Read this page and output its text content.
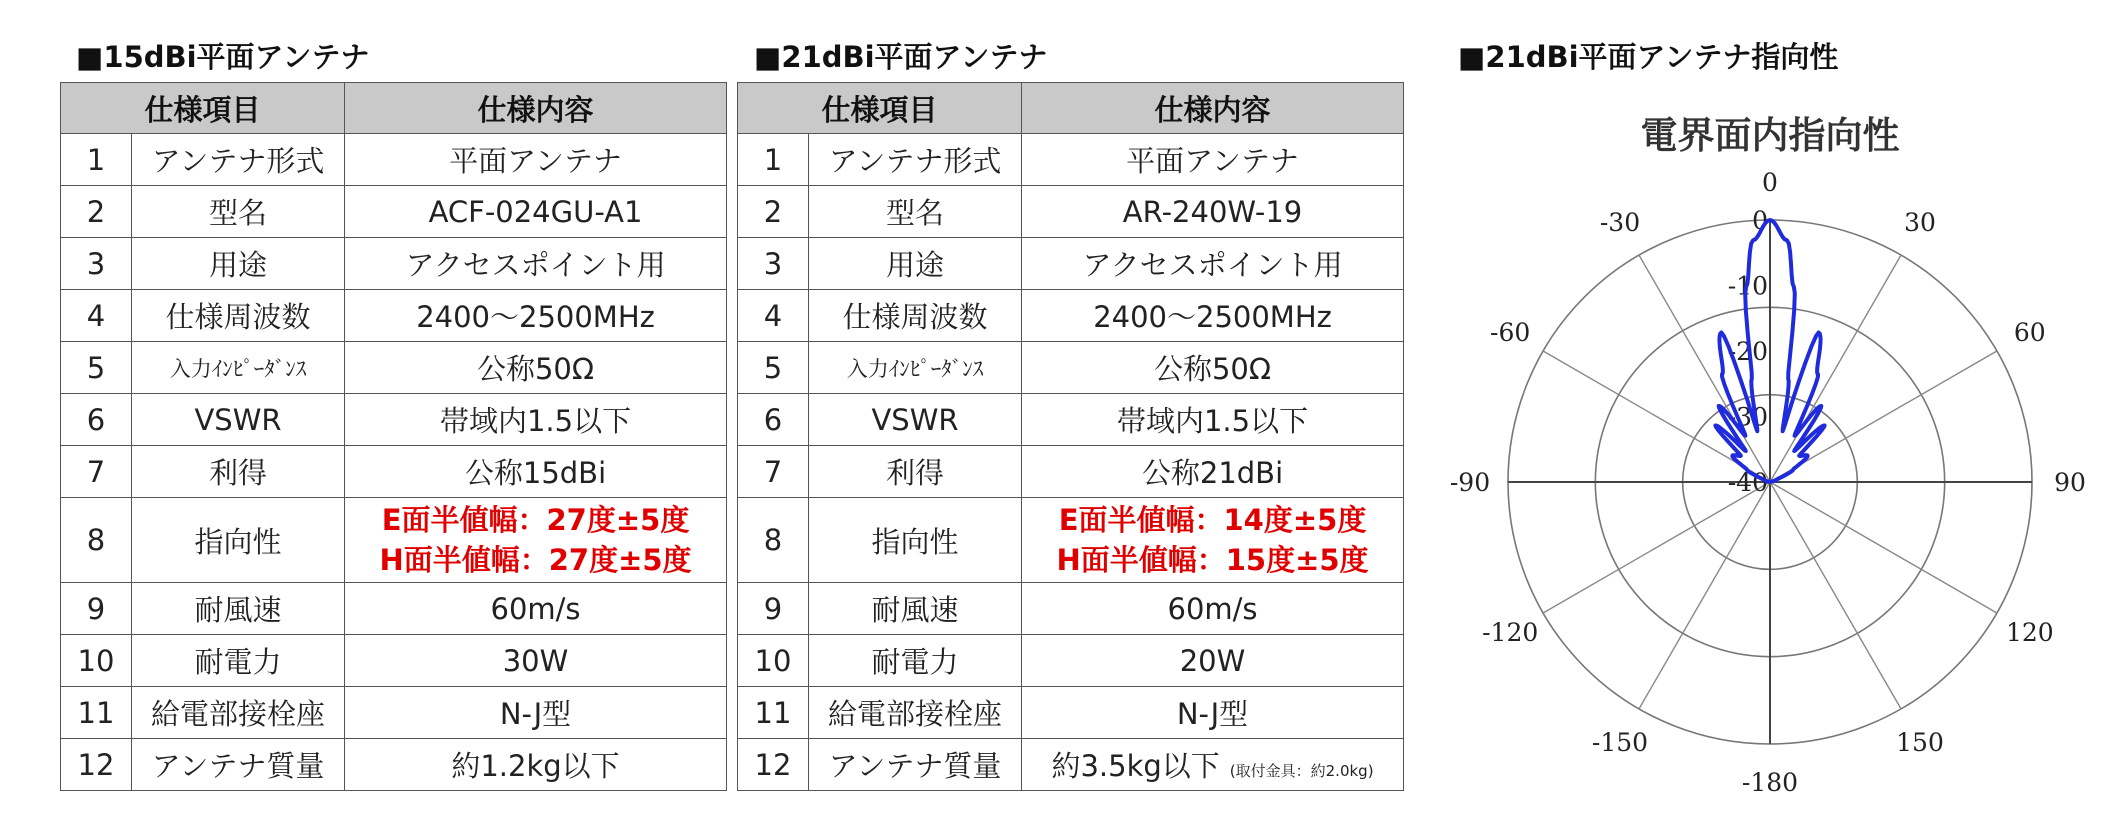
■15dBi平面アンテナ	■21dBi平面アンテナ	■21dBi平面アンテナ指向性
仕様項目		仕様内容
1	アンテナ形式	平面アンテナ
2	型名	ACF-024GU-A1
3	用途	アクセスポイント用
4	仕様周波数	2400〜2500MHz
5	入力ｲﾝﾋﾟｰﾀﾞﾝｽ	公称50Ω
6	VSWR	帯域内1.5以下
7	利得	公称15dBi
8	指向性	E面半値幅：27度±5度
H面半値幅：27度±5度

9	耐風速	60m/s
10	耐電力	30W
11	給電部接栓座	N-J型
12	アンテナ質量	約1.2kg以下
仕様項目		仕様内容
1	アンテナ形式	平面アンテナ
2	型名	AR-240W-19
3	用途	アクセスポイント用
4	仕様周波数	2400〜2500MHz
5	入力ｲﾝﾋﾟｰﾀﾞﾝｽ	公称50Ω
6	VSWR	帯域内1.5以下
7	利得	公称21dBi
8	指向性	E面半値幅：14度±5度
H面半値幅：15度±5度

9	耐風速	60m/s
10	耐電力	20W
11	給電部接栓座	N-J型
12	アンテナ質量	約3.5kg以下 (取付金具：約2.0kg)
電界面内指向性
0
30
60
90
120
150
-180
-150
-120
-90
-60
-30	0
-10
-20
-30
-40
